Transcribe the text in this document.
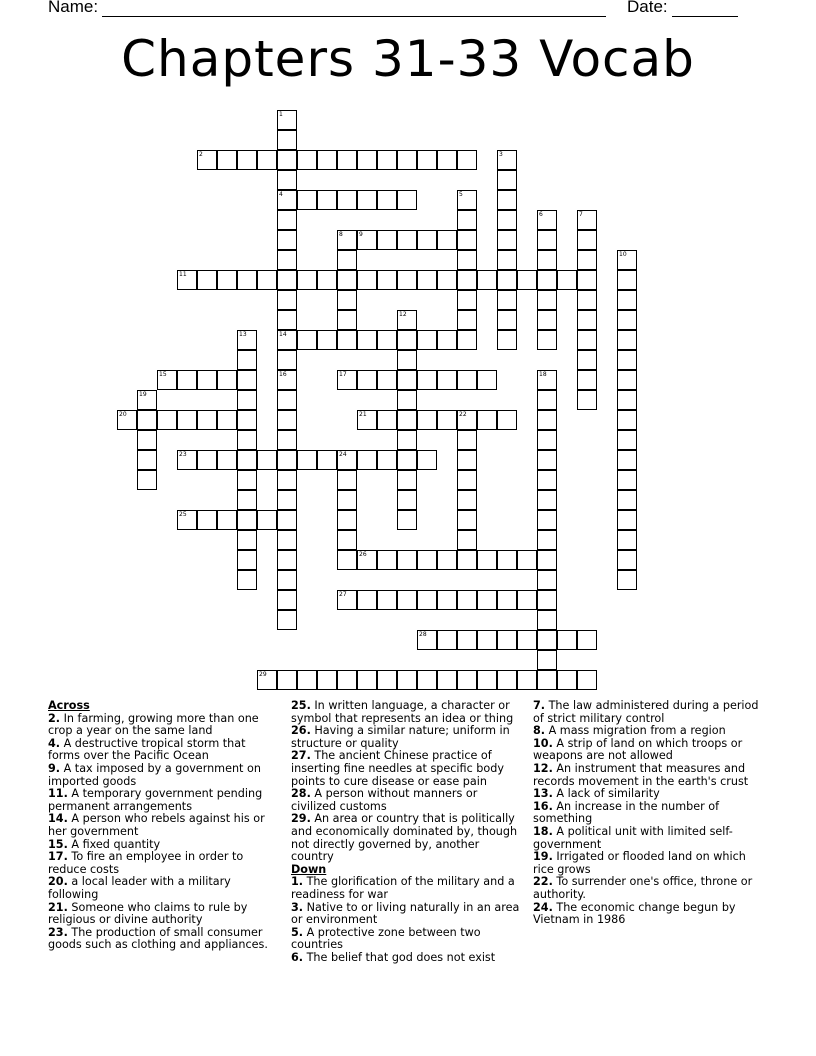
Name:	Date:
Chapters 31-33 Vocab
1
4
14
16
2	3
5
6	7
8	9
10
11
12
13
15	17	18
19
20	21	22
23	24
25
26
27
28
29
Across
2. In farming, growing more than one crop a year on the same land
4. A destructive tropical storm that forms over the Pacific Ocean
9. A tax imposed by a government on imported goods
11. A temporary government pending permanent arrangements
14. A person who rebels against his or her government
15. A fixed quantity
17. To fire an employee in order to reduce costs
20. a local leader with a military following
21. Someone who claims to rule by religious or divine authority
23. The production of small consumer goods such as clothing and appliances.
25. In written language, a character or symbol that represents an idea or thing
26. Having a similar nature; uniform in structure or quality
27. The ancient Chinese practice of inserting fine needles at specific body points to cure disease or ease pain
28. A person without manners or civilized customs
29. An area or country that is politically and economically dominated by, though not directly governed by, another country
Down
1. The glorification of the military and a readiness for war
3. Native to or living naturally in an area or environment
5. A protective zone between two countries
6. The belief that god does not exist
7. The law administered during a period of strict military control
8. A mass migration from a region
10. A strip of land on which troops or weapons are not allowed
12. An instrument that measures and records movement in the earth's crust
13. A lack of similarity
16. An increase in the number of something
18. A political unit with limited self-government
19. Irrigated or flooded land on which rice grows
22. To surrender one's office, throne or authority.
24. The economic change begun by Vietnam in 1986
